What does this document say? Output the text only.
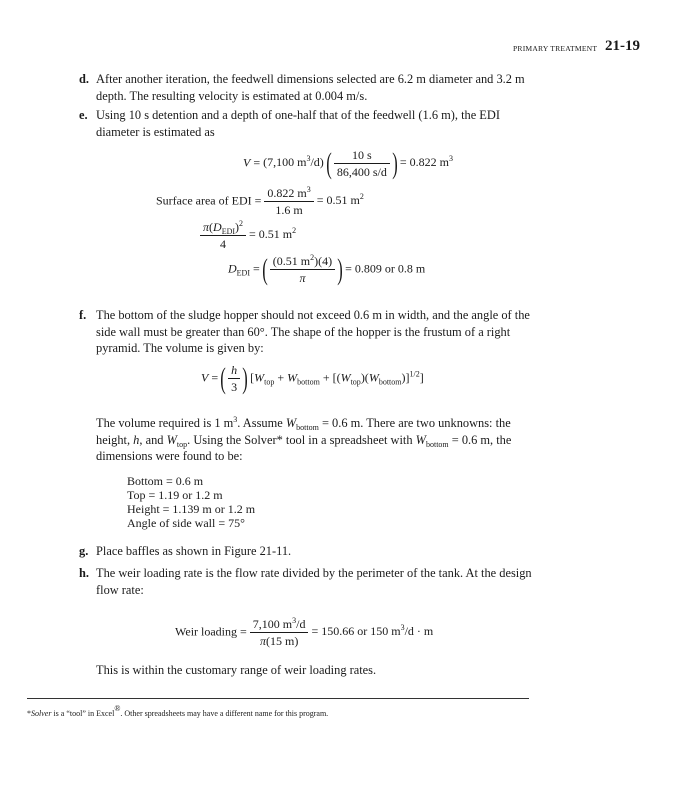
PRIMARY TREATMENT 21-19
d. After another iteration, the feedwell dimensions selected are 6.2 m diameter and 3.2 m depth. The resulting velocity is estimated at 0.004 m/s.
e. Using 10 s detention and a depth of one-half that of the feedwell (1.6 m), the EDI diameter is estimated as
V = (7,100 $m^3/d)( \frac{10 s}{86,400 s/d}$ ) = 0.822 $m^3$
Surface area of EDI = $\frac{0.822 m^3}{1.6 m} = 0.51$ $m^2$
$\frac{\pi(D_{EDI})^2}{4} = 0.51$ $m^2$
$D_{EDI}$ =( $\frac{(0.51 m^2)(4)}{\pi}$ ) = 0.809 or 0.8 m
f. The bottom of the sludge hopper should not exceed 0.6 m in width, and the angle of the side wall must be greater than 60°. The shape of the hopper is the frustum of a right pyramid. The volume is given by:
V =( $\frac{h}{3}$ ) $[W_{top} + W_{bottom} + [(W_{top})(W_{bottom})]^{1/2}]$
The volume required is 1 $m^3$. Assume $W_{bottom} = 0.6$ m. There are two unknowns: the height, h, and $W_{top}$. Using the Solver* tool in a spreadsheet with $W_{bottom} = 0.6$ m, the dimensions were found to be:
Bottom = 0.6 m
Top = 1.19 or 1.2 m
Height = 1.139 m or 1.2 m
Angle of side wall = 75°
g. Place baffles as shown in Figure 21-11.
h. The weir loading rate is the flow rate divided by the perimeter of the tank. At the design flow rate:
Weir loading = $\frac{7,100 m^3/d}{\pi(15 m)} = 150.66$ or 150 $m^3/d \cdot m$
This is within the customary range of weir loading rates.
*Solver is a “tool” in Excel®. Other spreadsheets may have a different name for this program.
